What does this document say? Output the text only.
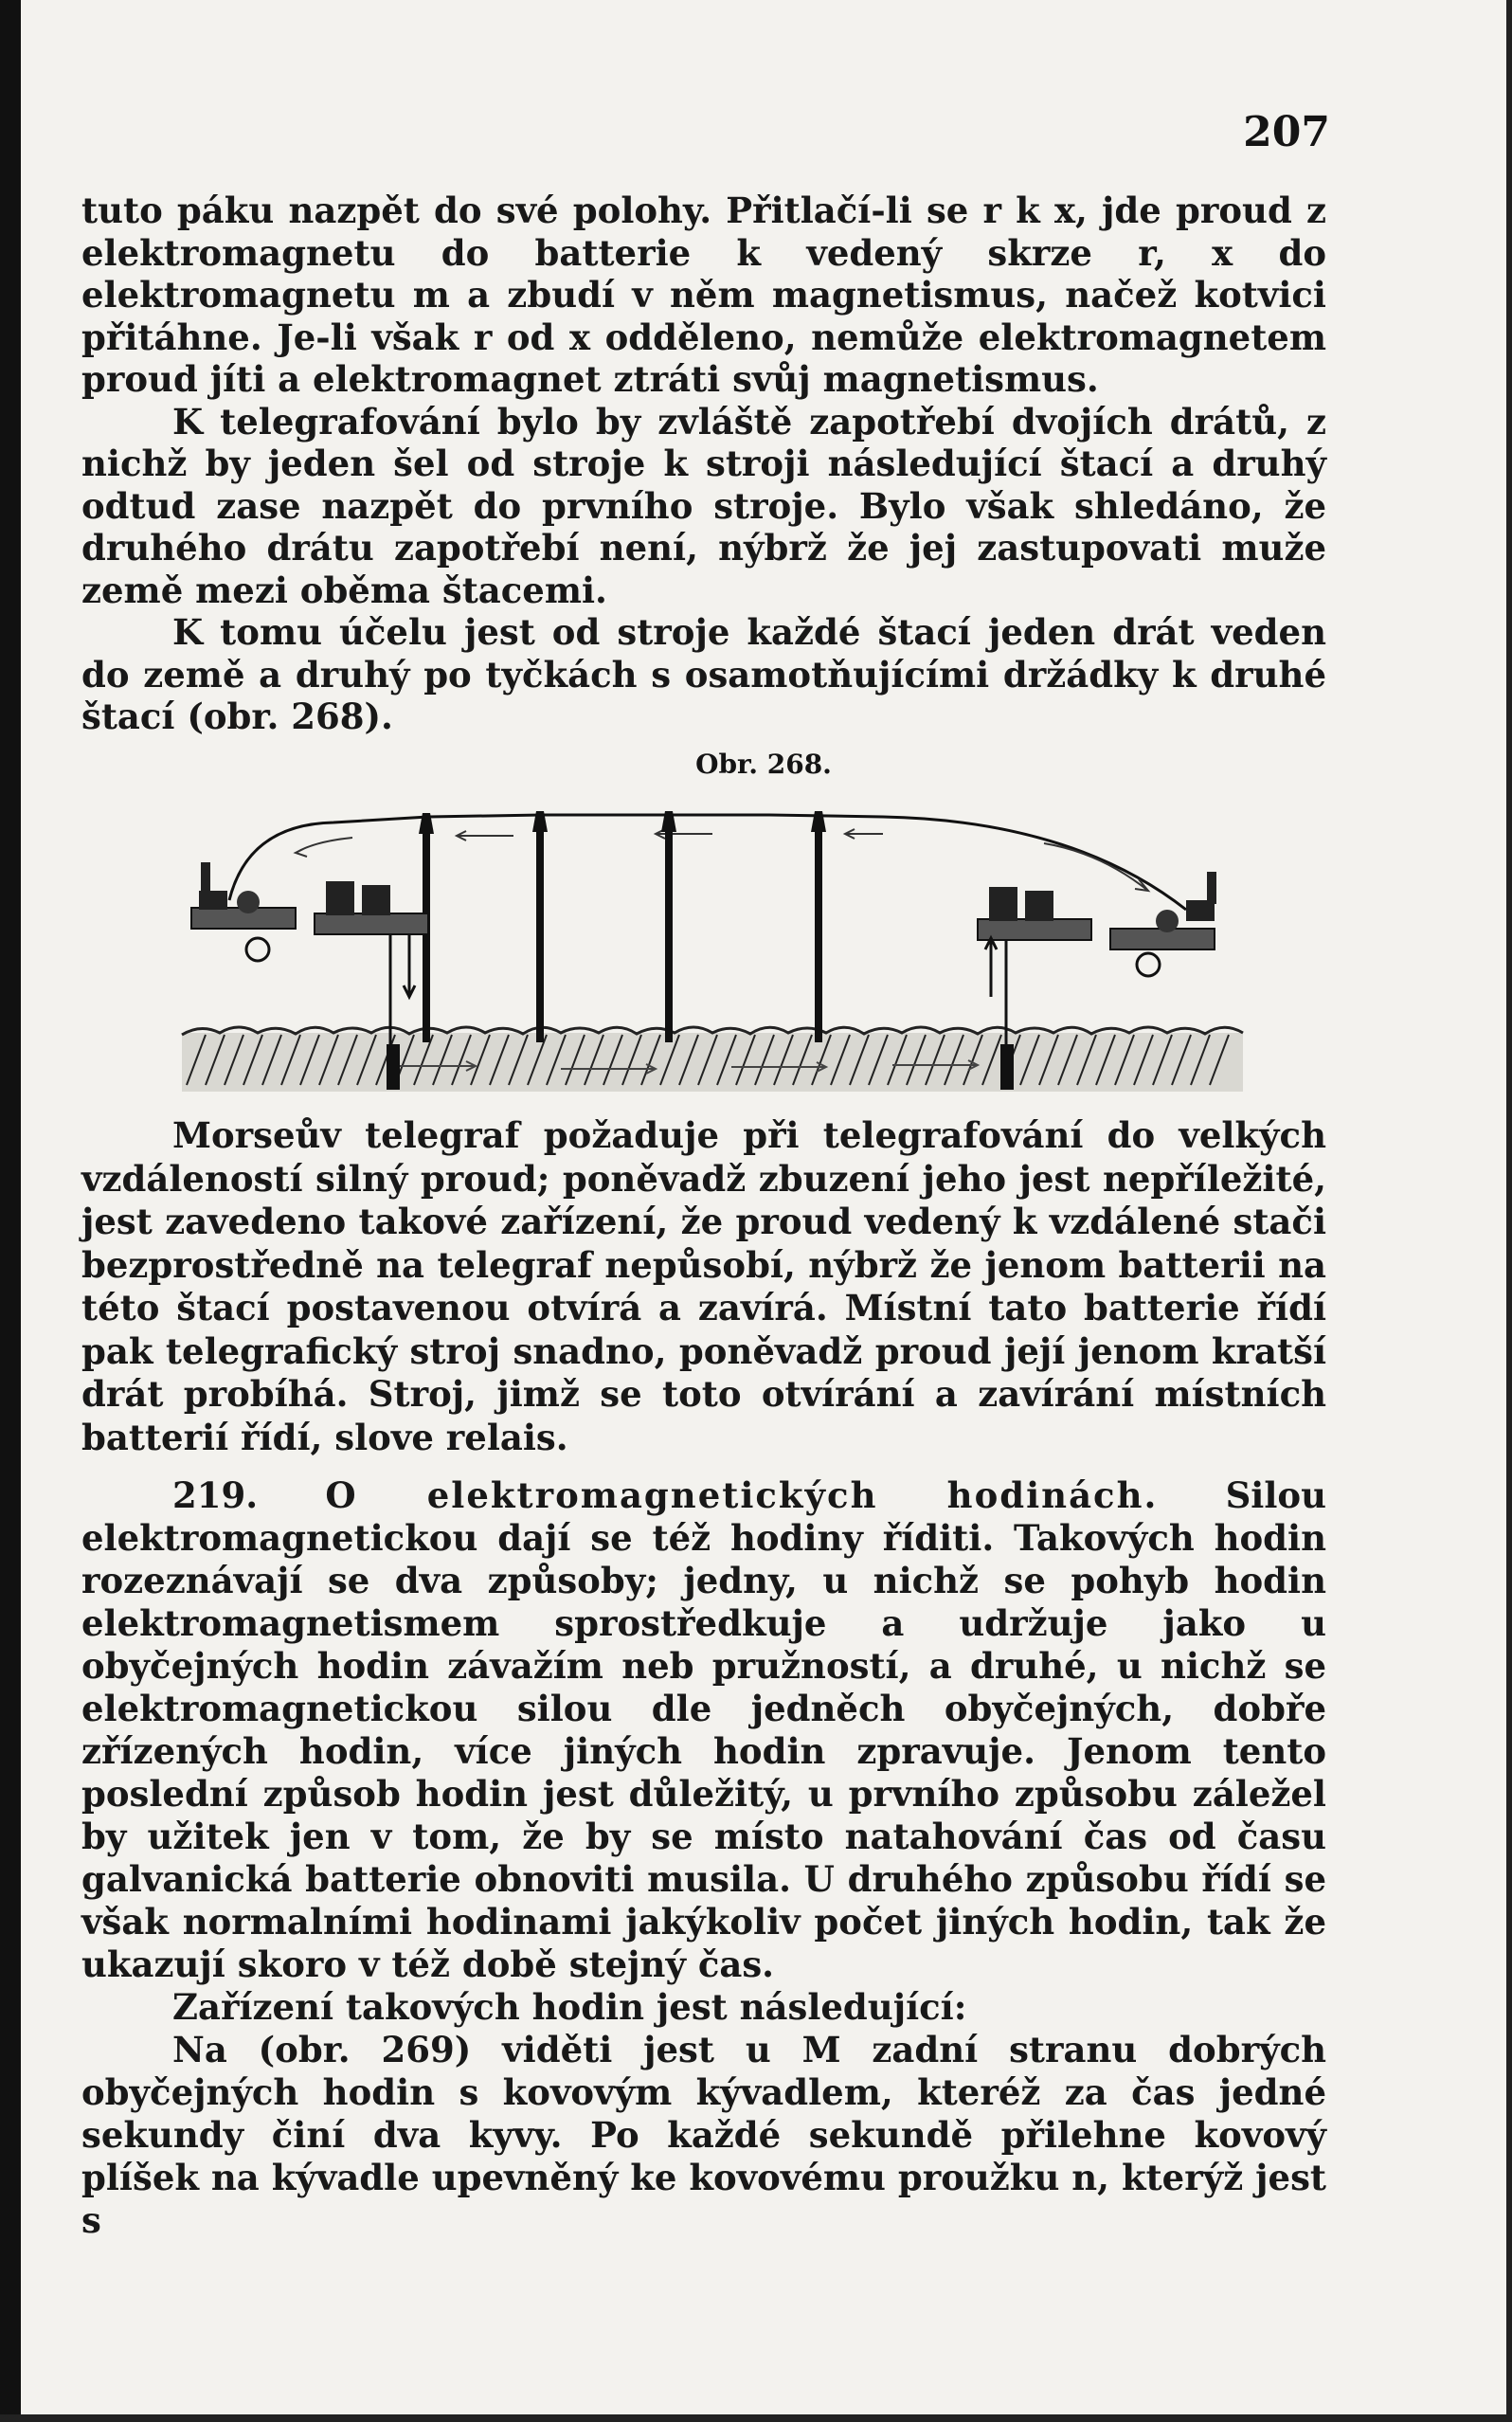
207

tuto páku nazpět do své polohy. Přitlačí-li se r k x, jde proud z elektromagnetu do batterie k vedený skrze r, x do elektromagnetu m a zbudí v něm magnetismus, načež kotvici přitáhne. Je-li však r od x odděleno, nemůže elektromagnetem proud jíti a elektromagnet ztráti svůj magnetismus.

K telegrafování bylo by zvláště zapotřebí dvojích drátů, z nichž by jeden šel od stroje k stroji následující štací a druhý odtud zase nazpět do prvního stroje. Bylo však shledáno, že druhého drátu zapotřebí není, nýbrž že jej zastupovati muže země mezi oběma štacemi.

K tomu účelu jest od stroje každé štací jeden drát veden do země a druhý po tyčkách s osamotňujícími držádky k druhé štací (obr. 268).

Obr. 268.

Morseův telegraf požaduje při telegrafování do velkých vzdáleností silný proud; poněvadž zbuzení jeho jest nepříležité, jest zavedeno takové zařízení, že proud vedený k vzdálené stači bezprostředně na telegraf nepůsobí, nýbrž že jenom batterii na této štací postavenou otvírá a zavírá. Místní tato batterie řídí pak telegrafický stroj snadno, poněvadž proud její jenom kratší drát probíhá. Stroj, jimž se toto otvírání a zavírání místních batterií řídí, slove relais.

219. O elektromagnetických hodinách. Silou elektromagnetickou dají se též hodiny říditi. Takových hodin rozeznávají se dva způsoby; jedny, u nichž se pohyb hodin elektromagnetismem sprostředkuje a udržuje jako u obyčejných hodin závažím neb pružností, a druhé, u nichž se elektromagnetickou silou dle jedněch obyčejných, dobře zřízených hodin, více jiných hodin zpravuje. Jenom tento poslední způsob hodin jest důležitý, u prvního způsobu záležel by užitek jen v tom, že by se místo natahování čas od času galvanická batterie obnoviti musila. U druhého způsobu řídí se však normalními hodinami jakýkoliv počet jiných hodin, tak že ukazují skoro v též době stejný čas.

Zařízení takových hodin jest následující:

Na (obr. 269) viděti jest u M zadní stranu dobrých obyčejných hodin s kovovým kývadlem, kteréž za čas jedné sekundy činí dva kyvy. Po každé sekundě přilehne kovový plíšek na kývadle upevněný ke kovovému proužku n, kterýž jest s
